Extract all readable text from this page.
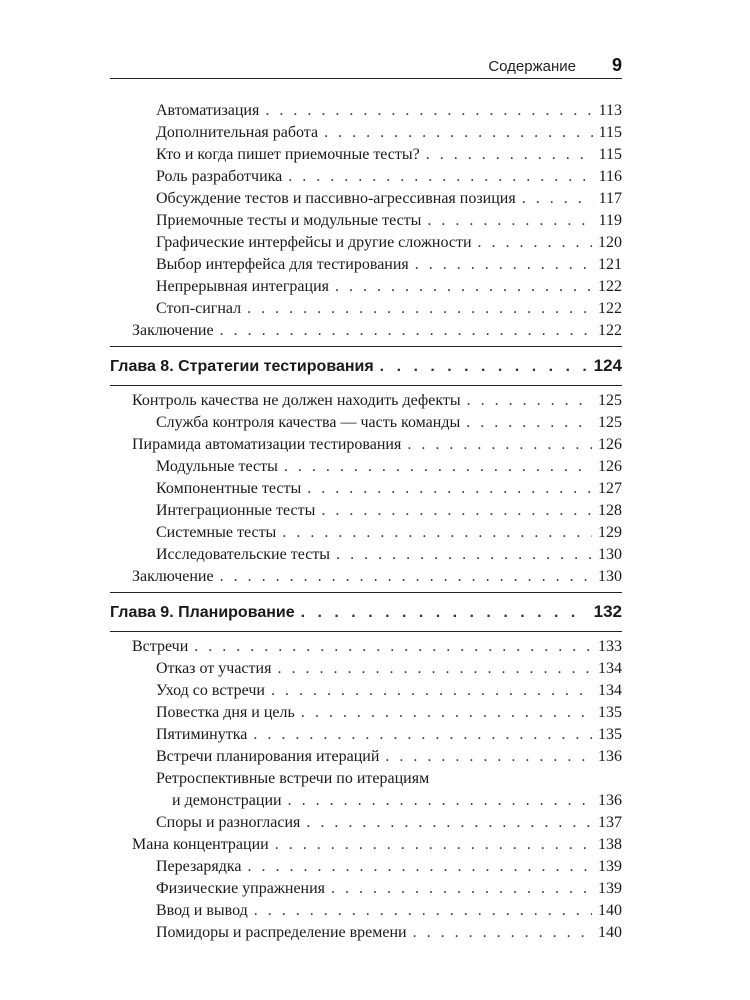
Содержание 9
Автоматизация . . .	113
Дополнительная работа . . .	115
Кто и когда пишет приемочные тесты? . . .	115
Роль разработчика . . .	116
Обсуждение тестов и пассивно-агрессивная позиция . . .	117
Приемочные тесты и модульные тесты . . .	119
Графические интерфейсы и другие сложности . . .	120
Выбор интерфейса для тестирования . . .	121
Непрерывная интеграция . . .	122
Стоп-сигнал . . .	122
Заключение . . .	122
Глава 8. Стратегии тестирования . . .	124
Контроль качества не должен находить дефекты . . .	125
Служба контроля качества — часть команды . . .	125
Пирамида автоматизации тестирования . . .	126
Модульные тесты . . .	126
Компонентные тесты . . .	127
Интеграционные тесты . . .	128
Системные тесты . . .	129
Исследовательские тесты . . .	130
Заключение . . .	130
Глава 9. Планирование . . .	132
Встречи . . .	133
Отказ от участия . . .	134
Уход со встречи . . .	134
Повестка дня и цель . . .	135
Пятиминутка . . .	135
Встречи планирования итераций . . .	136
Ретроспективные встречи по итерациям
и демонстрации . . .	136
Споры и разногласия . . .	137
Мана концентрации . . .	138
Перезарядка . . .	139
Физические упражнения . . .	139
Ввод и вывод . . .	140
Помидоры и распределение времени . . .	140
